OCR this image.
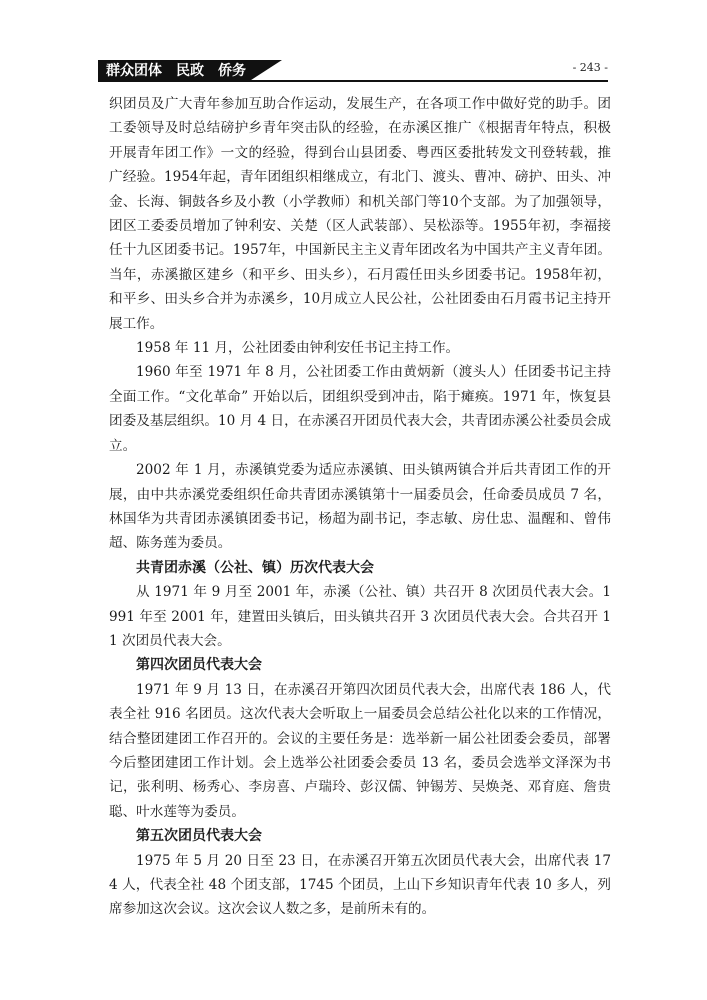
群众团体　民政　侨务	- 243 -

织团员及广大青年参加互助合作运动，发展生产，在各项工作中做好党的助手。团工委领导及时总结磅护乡青年突击队的经验，在赤溪区推广《根据青年特点，积极开展青年团工作》一文的经验，得到台山县团委、粤西区委批转发文刊登转载，推广经验。1954年起，青年团组织相继成立，有北门、渡头、曹冲、磅护、田头、冲金、长海、铜鼓各乡及小教（小学教师）和机关部门等10个支部。为了加强领导，团区工委委员增加了钟利安、关楚（区人武装部）、吴松添等。1955年初，李福接任十九区团委书记。1957年，中国新民主主义青年团改名为中国共产主义青年团。当年，赤溪撤区建乡（和平乡、田头乡），石月霞任田头乡团委书记。1958年初，和平乡、田头乡合并为赤溪乡，10月成立人民公社，公社团委由石月霞书记主持开展工作。

1958 年 11 月，公社团委由钟利安任书记主持工作。

1960 年至 1971 年 8 月，公社团委工作由黄炳新（渡头人）任团委书记主持全面工作。“文化革命” 开始以后，团组织受到冲击，陷于瘫痪。1971 年，恢复县团委及基层组织。10 月 4 日，在赤溪召开团员代表大会，共青团赤溪公社委员会成立。

2002 年 1 月，赤溪镇党委为适应赤溪镇、田头镇两镇合并后共青团工作的开展，由中共赤溪党委组织任命共青团赤溪镇第十一届委员会，任命委员成员 7 名，林国华为共青团赤溪镇团委书记，杨超为副书记，李志敏、房仕忠、温醒和、曾伟超、陈务莲为委员。

共青团赤溪（公社、镇）历次代表大会

从 1971 年 9 月至 2001 年，赤溪（公社、镇）共召开 8 次团员代表大会。1991 年至 2001 年，建置田头镇后，田头镇共召开 3 次团员代表大会。合共召开 11 次团员代表大会。

第四次团员代表大会

1971 年 9 月 13 日，在赤溪召开第四次团员代表大会，出席代表 186 人，代表全社 916 名团员。这次代表大会听取上一届委员会总结公社化以来的工作情况，结合整团建团工作召开的。会议的主要任务是：选举新一届公社团委会委员，部署今后整团建团工作计划。会上选举公社团委会委员 13 名，委员会选举文泽深为书记，张利明、杨秀心、李房喜、卢瑞玲、彭汉儒、钟锡芳、吴焕尧、邓育庭、詹贵聪、叶水莲等为委员。

第五次团员代表大会

1975 年 5 月 20 日至 23 日，在赤溪召开第五次团员代表大会，出席代表 174 人，代表全社 48 个团支部，1745 个团员，上山下乡知识青年代表 10 多人，列席参加这次会议。这次会议人数之多，是前所未有的。
